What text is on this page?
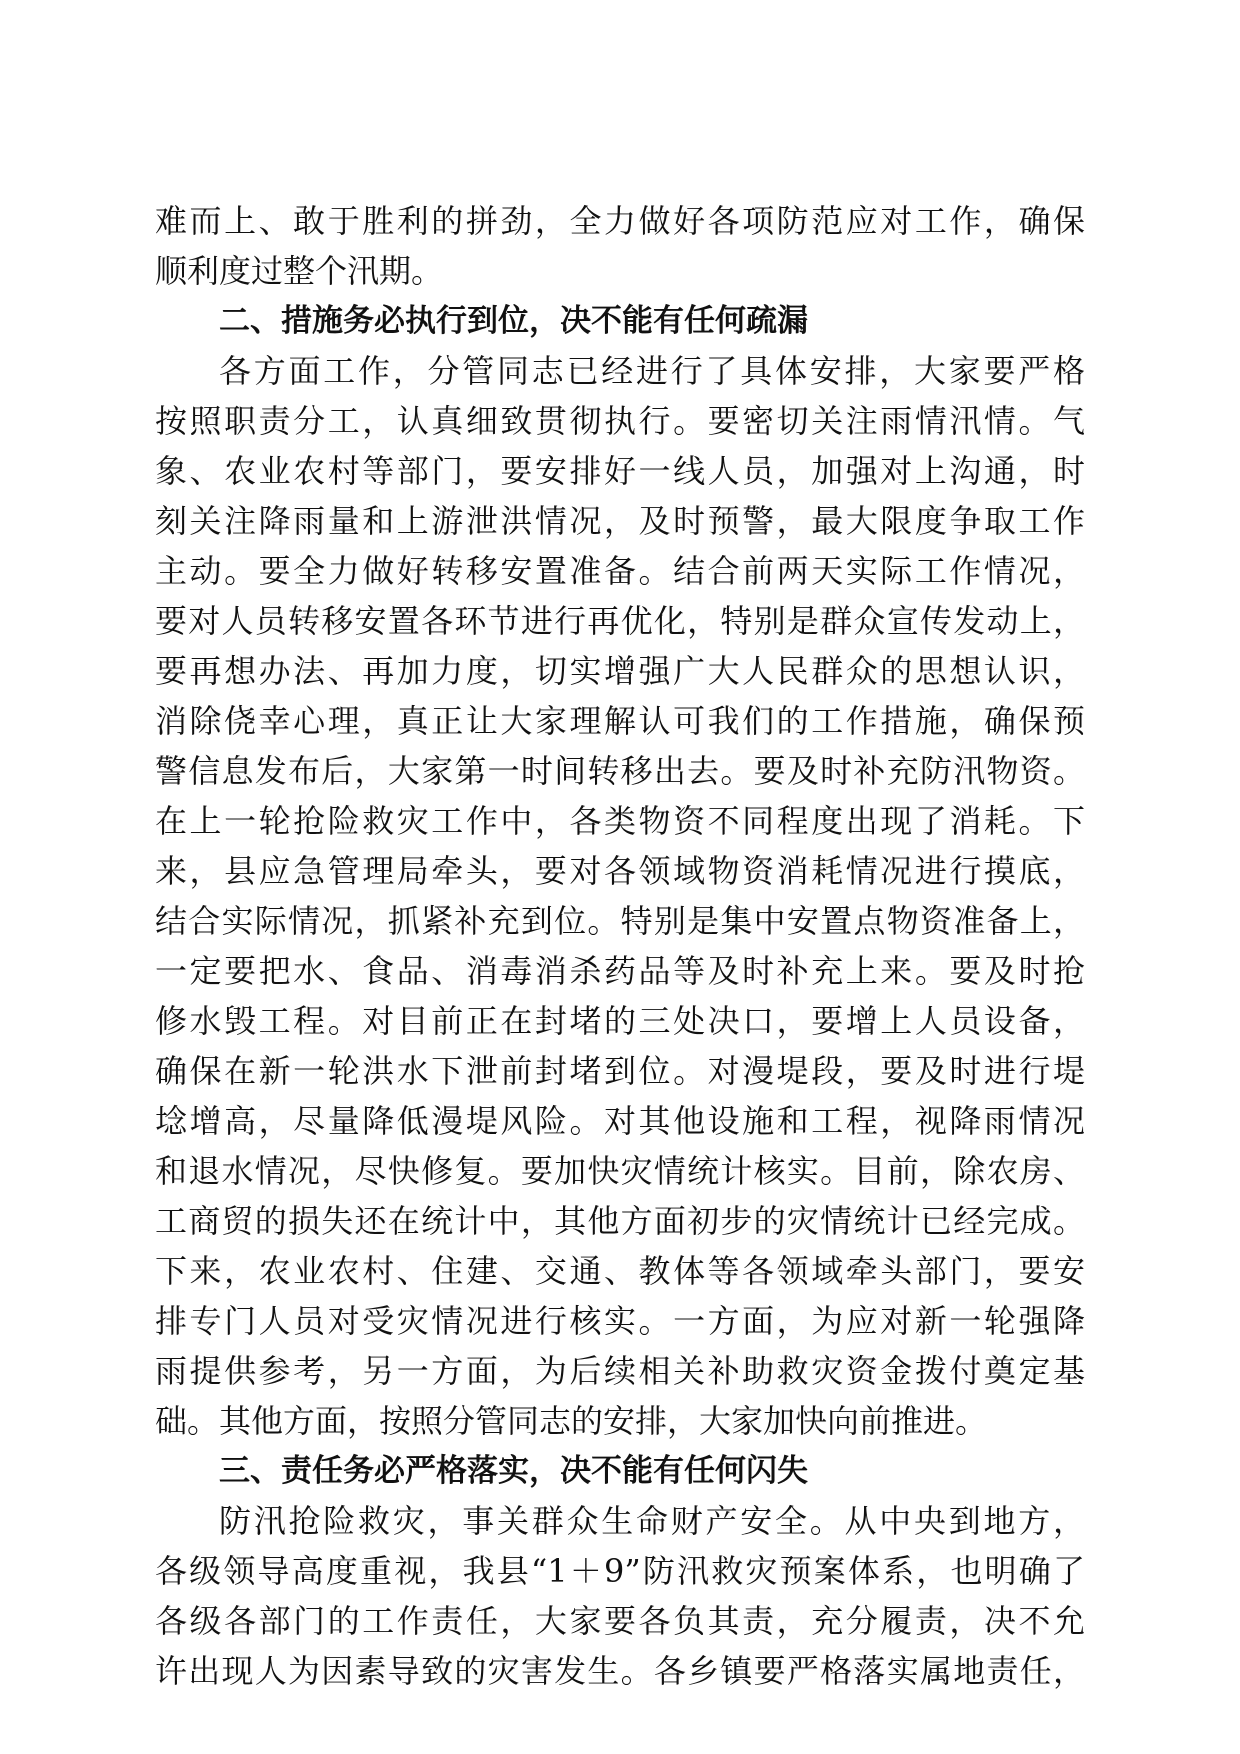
难而上、敢于胜利的拼劲，全力做好各项防范应对工作，确保
顺利度过整个汛期。
二、措施务必执行到位，决不能有任何疏漏
各方面工作，分管同志已经进行了具体安排，大家要严格
按照职责分工，认真细致贯彻执行。要密切关注雨情汛情。气
象、农业农村等部门，要安排好一线人员，加强对上沟通，时
刻关注降雨量和上游泄洪情况，及时预警，最大限度争取工作
主动。要全力做好转移安置准备。结合前两天实际工作情况，
要对人员转移安置各环节进行再优化，特别是群众宣传发动上，
要再想办法、再加力度，切实增强广大人民群众的思想认识，
消除侥幸心理，真正让大家理解认可我们的工作措施，确保预
警信息发布后，大家第一时间转移出去。要及时补充防汛物资。
在上一轮抢险救灾工作中，各类物资不同程度出现了消耗。下
来，县应急管理局牵头，要对各领域物资消耗情况进行摸底，
结合实际情况，抓紧补充到位。特别是集中安置点物资准备上，
一定要把水、食品、消毒消杀药品等及时补充上来。要及时抢
修水毁工程。对目前正在封堵的三处决口，要增上人员设备，
确保在新一轮洪水下泄前封堵到位。对漫堤段，要及时进行堤
埝增高，尽量降低漫堤风险。对其他设施和工程，视降雨情况
和退水情况，尽快修复。要加快灾情统计核实。目前，除农房、
工商贸的损失还在统计中，其他方面初步的灾情统计已经完成。
下来，农业农村、住建、交通、教体等各领域牵头部门，要安
排专门人员对受灾情况进行核实。一方面，为应对新一轮强降
雨提供参考，另一方面，为后续相关补助救灾资金拨付奠定基
础。其他方面，按照分管同志的安排，大家加快向前推进。
三、责任务必严格落实，决不能有任何闪失
防汛抢险救灾，事关群众生命财产安全。从中央到地方，
各级领导高度重视，我县“1＋9”防汛救灾预案体系，也明确了
各级各部门的工作责任，大家要各负其责，充分履责，决不允
许出现人为因素导致的灾害发生。各乡镇要严格落实属地责任，
